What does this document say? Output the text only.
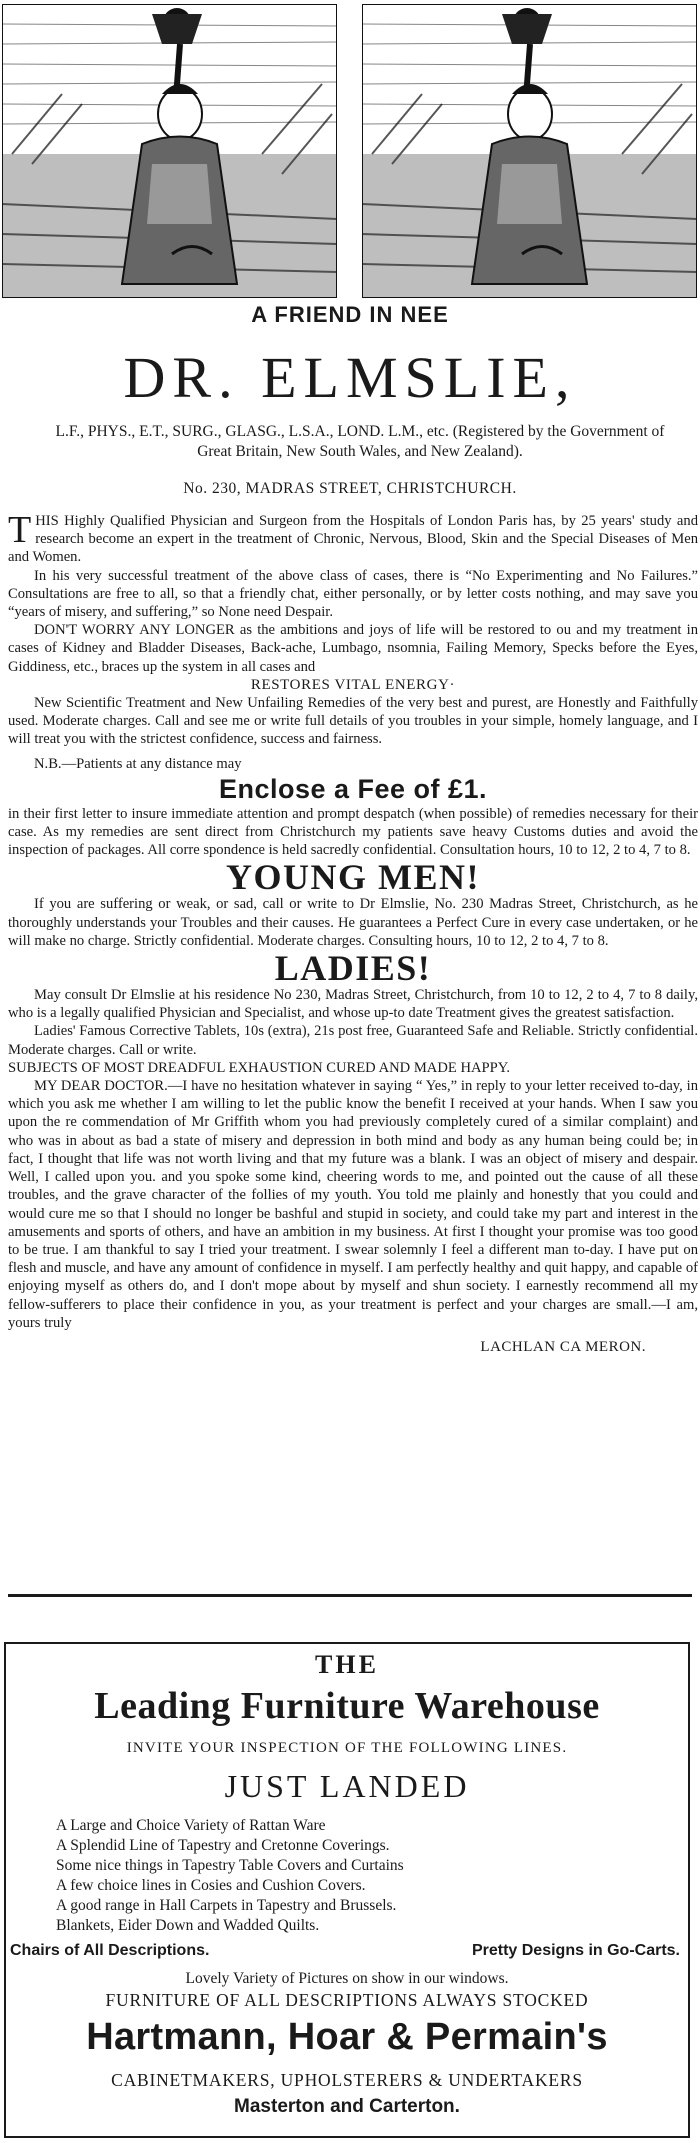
A FRIEND IN NEE
DR. ELMSLIE,
L.F., PHYS., E.T., SURG., GLASG., L.S.A., LOND. L.M., etc. (Registered by the Government of Great Britain, New South Wales, and New Zealand).
No. 230, MADRAS STREET, CHRISTCHURCH.

THIS Highly Qualified Physician and Surgeon from the Hospitals of London Paris has, by 25 years' study and research become an expert in the treatment of Chronic, Nervous, Blood, Skin and the Special Diseases of Men and Women.

In his very successful treatment of the above class of cases, there is “No Experimenting and No Failures.” Consultations are free to all, so that a friendly chat, either personally, or by letter costs nothing, and may save you “years of misery, and suffering,” so None need Despair.

DON'T WORRY ANY LONGER as the ambitions and joys of life will be restored to ou and my treatment in cases of Kidney and Bladder Diseases, Back-ache, Lumbago, nsomnia, Failing Memory, Specks before the Eyes, Giddiness, etc., braces up the system in all cases and

RESTORES VITAL ENERGY·

New Scientific Treatment and New Unfailing Remedies of the very best and purest, are Honestly and Faithfully used. Moderate charges. Call and see me or write full details of you troubles in your simple, homely language, and I will treat you with the strictest confidence, success and fairness.

N.B.—Patients at any distance may

Enclose a Fee of £1.

in their first letter to insure immediate attention and prompt despatch (when possible) of remedies necessary for their case. As my remedies are sent direct from Christchurch my patients save heavy Customs duties and avoid the inspection of packages. All corre spondence is held sacredly confidential. Consultation hours, 10 to 12, 2 to 4, 7 to 8.

YOUNG MEN!

If you are suffering or weak, or sad, call or write to Dr Elmslie, No. 230 Madras Street, Christchurch, as he thoroughly understands your Troubles and their causes. He guarantees a Perfect Cure in every case undertaken, or he will make no charge. Strictly confidential. Moderate charges. Consulting hours, 10 to 12, 2 to 4, 7 to 8.

LADIES!

May consult Dr Elmslie at his residence No 230, Madras Street, Christchurch, from 10 to 12, 2 to 4, 7 to 8 daily, who is a legally qualified Physician and Specialist, and whose up-to date Treatment gives the greatest satisfaction.

Ladies' Famous Corrective Tablets, 10s (extra), 21s post free, Guaranteed Safe and Reliable. Strictly confidential. Moderate charges. Call or write.

SUBJECTS OF MOST DREADFUL EXHAUSTION CURED AND MADE HAPPY.

MY DEAR DOCTOR.—I have no hesitation whatever in saying “ Yes,” in reply to your letter received to-day, in which you ask me whether I am willing to let the public know the benefit I received at your hands. When I saw you upon the re commendation of Mr Griffith whom you had previously completely cured of a similar complaint) and who was in about as bad a state of misery and depression in both mind and body as any human being could be; in fact, I thought that life was not worth living and that my future was a blank. I was an object of misery and despair. Well, I called upon you. and you spoke some kind, cheering words to me, and pointed out the cause of all these troubles, and the grave character of the follies of my youth. You told me plainly and honestly that you could and would cure me so that I should no longer be bashful and stupid in society, and could take my part and interest in the amusements and sports of others, and have an ambition in my business. At first I thought your promise was too good to be true. I am thankful to say I tried your treatment. I swear solemnly I feel a different man to-day. I have put on flesh and muscle, and have any amount of confidence in myself. I am perfectly healthy and quit happy, and capable of enjoying myself as others do, and I don't mope about by myself and shun society. I earnestly recommend all my fellow-sufferers to place their confidence in you, as your treatment is perfect and your charges are small.—I am, yours truly

LACHLAN CA MERON.

THE
Leading Furniture Warehouse
INVITE YOUR INSPECTION OF THE FOLLOWING LINES.
JUST LANDED
A Large and Choice Variety of Rattan Ware
A Splendid Line of Tapestry and Cretonne Coverings.
Some nice things in Tapestry Table Covers and Curtains
A few choice lines in Cosies and Cushion Covers.
A good range in Hall Carpets in Tapestry and Brussels.
Blankets, Eider Down and Wadded Quilts.
Chairs of All Descriptions.	Pretty Designs in Go-Carts.
Lovely Variety of Pictures on show in our windows.
FURNITURE OF ALL DESCRIPTIONS ALWAYS STOCKED
Hartmann, Hoar & Permain's
CABINETMAKERS, UPHOLSTERERS & UNDERTAKERS
Masterton and Carterton.
